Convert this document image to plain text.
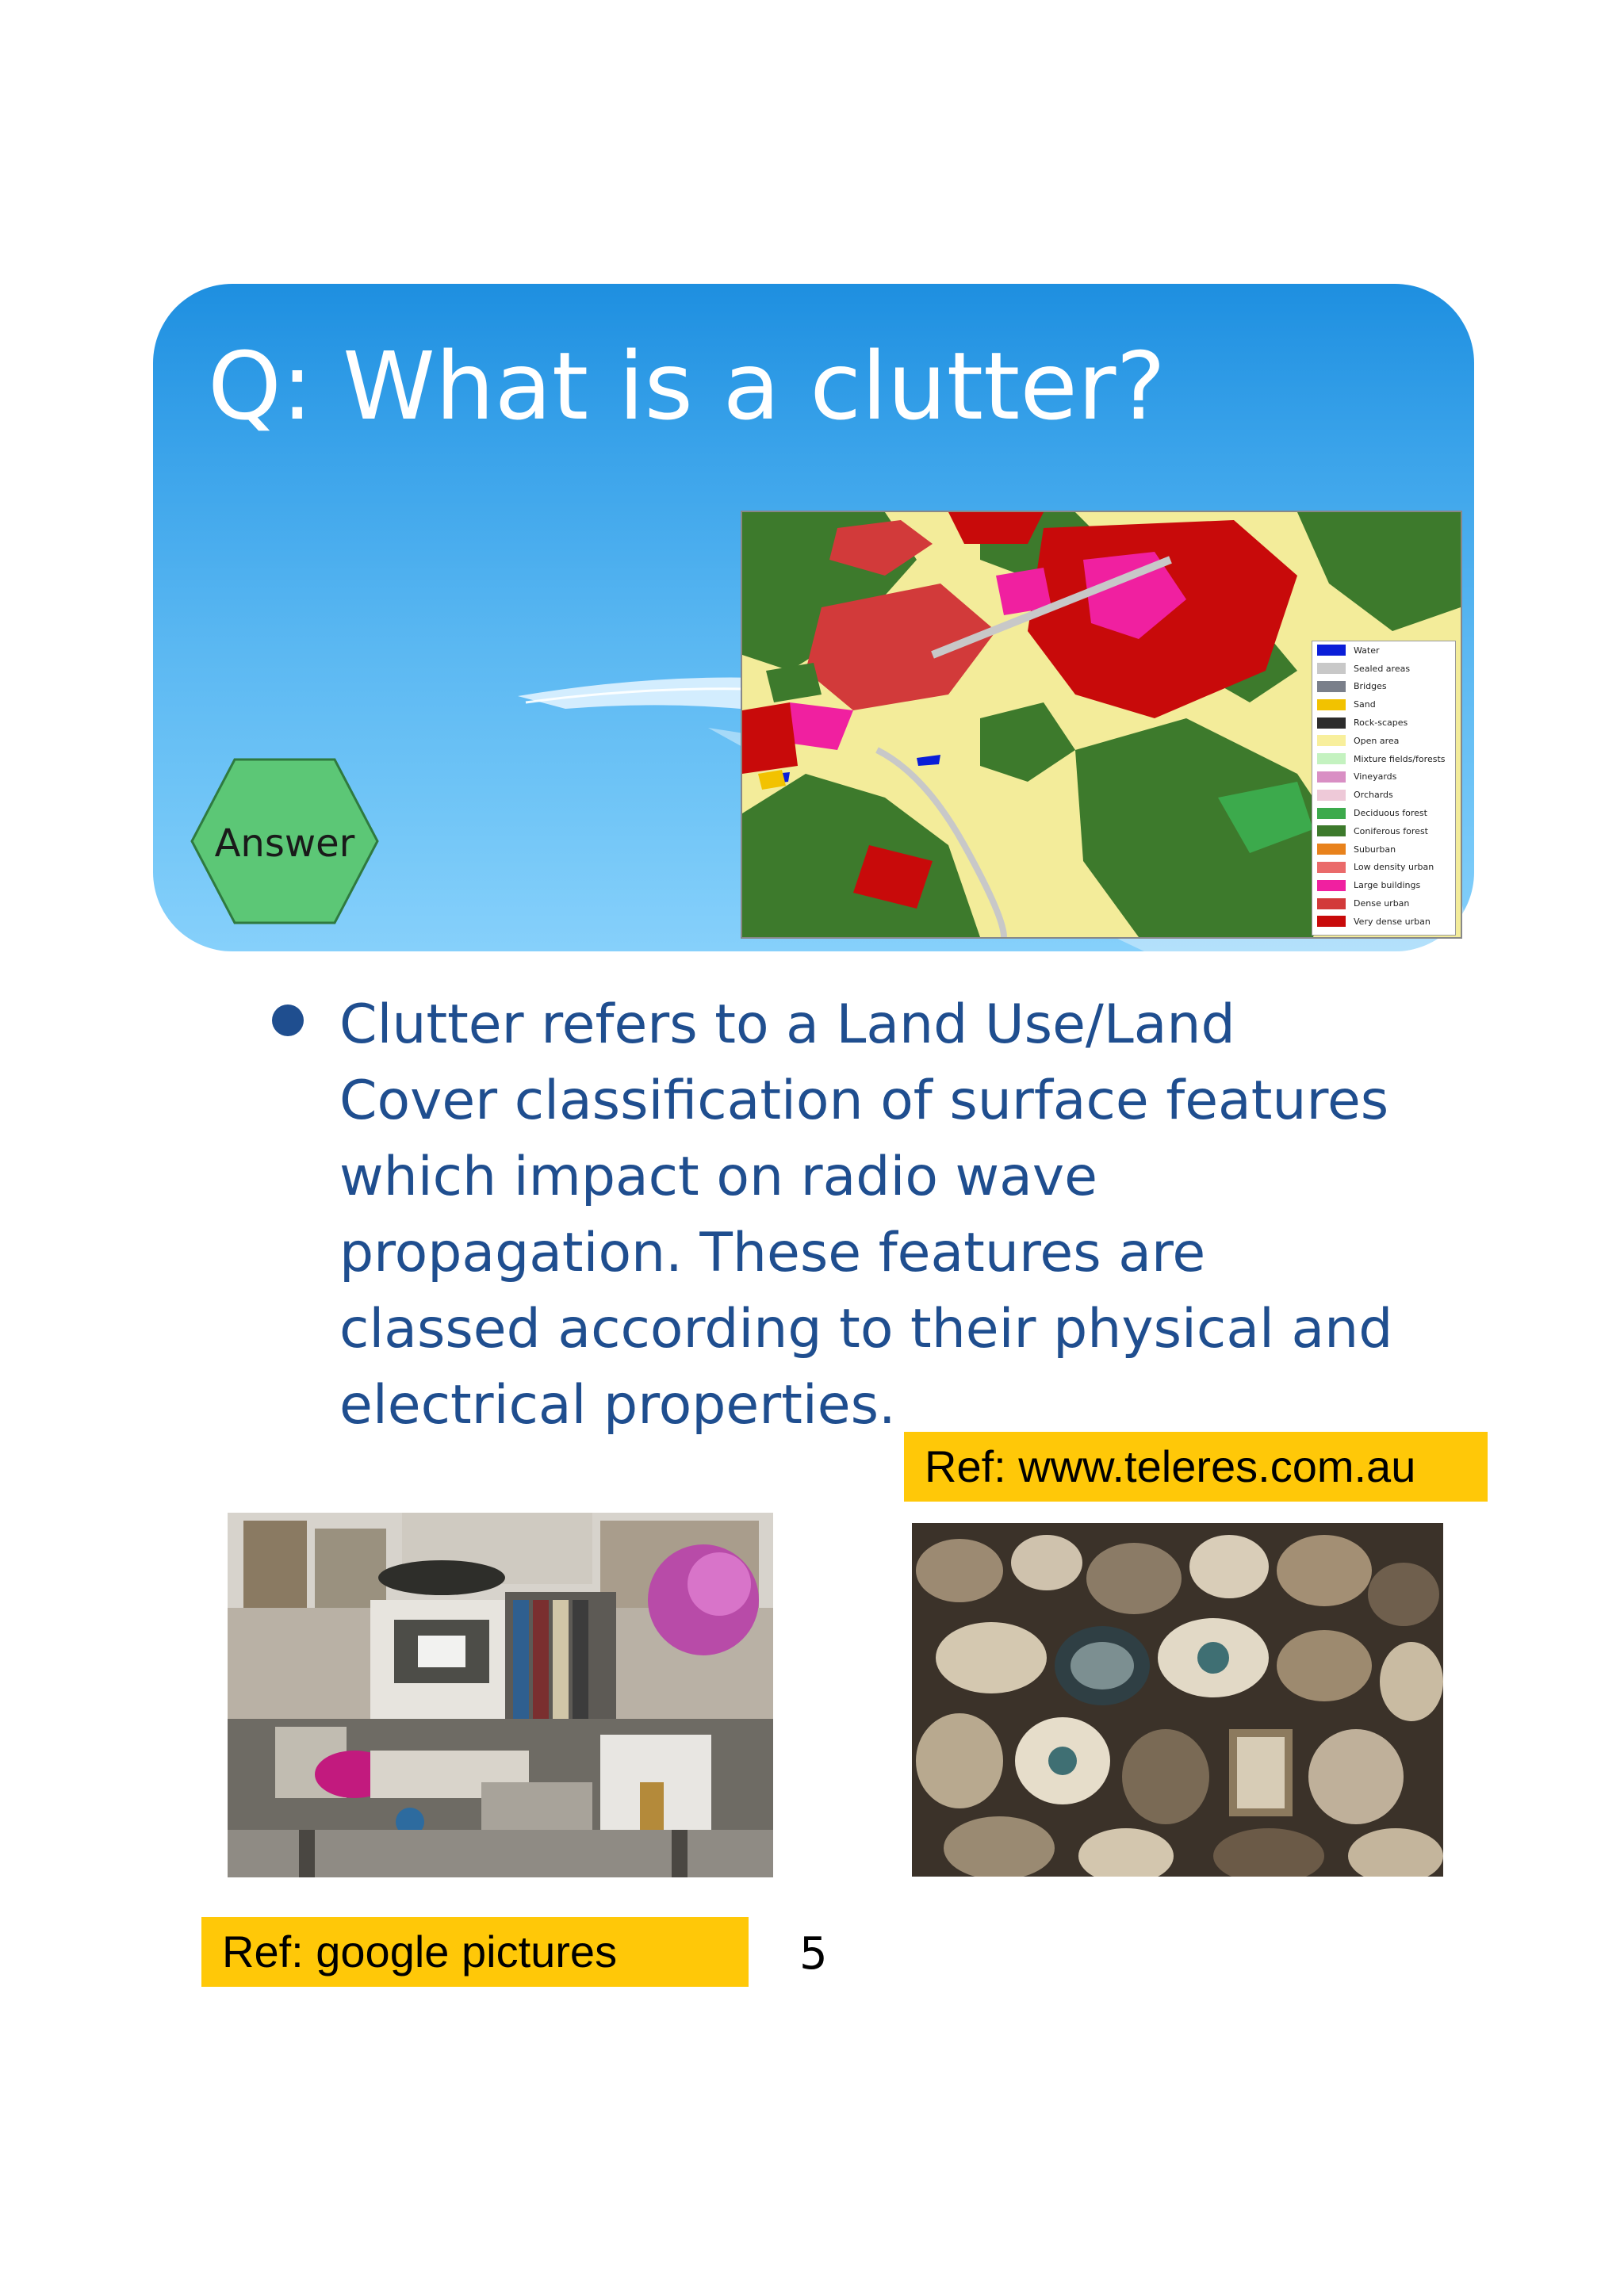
Q: What is a clutter?
Water
Sealed areas
Bridges
Sand
Rock-scapes
Open area
Mixture fields/forests
Vineyards
Orchards
Deciduous forest
Coniferous forest
Suburban
Low density urban
Large buildings
Dense urban
Very dense urban
Answer
Clutter refers to a Land Use/Land
Cover classification of surface features
which impact on radio wave
propagation. These features are
classed according to their physical and
electrical properties.
Ref: www.teleres.com.au
Ref: google pictures	5
